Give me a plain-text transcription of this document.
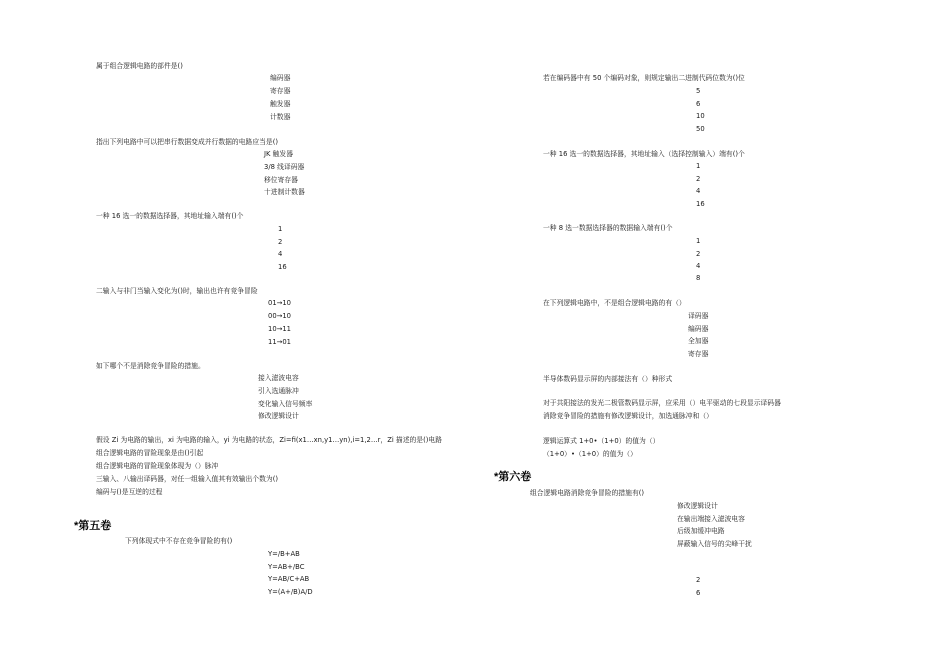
属于组合逻辑电路的部件是()
编码器
寄存器
触发器
计数器
指出下列电路中可以把串行数据变成并行数据的电路应当是()
JK 触发器
3/8 线译码器
移位寄存器
十进制计数器
一种 16 选一的数据选择器，其地址输入端有()个
1
2
4
16
二输入与非门当输入变化为()时，输出也许有竞争冒险
01→10
00→10
10→11
11→01
如下哪个不是消除竞争冒险的措施。
接入滤波电容
引入选通脉冲
变化输入信号频率
修改逻辑设计
假设 Zi 为电路的输出，xi 为电路的输入，yi 为电路的状态，Zi=fi(x1…xn,y1…yn),i=1,2…r，Zi 描述的是()电路
组合逻辑电路的冒险现象是由()引起
组合逻辑电路的冒险现象体现为（）脉冲
三输入、八输出译码器，对任一组输入值其有效输出个数为()
编码与()是互逆的过程
*第五卷
下列体现式中不存在竞争冒险的有()
Y=/B+AB
Y=AB+/BC
Y=AB/C+AB
Y=(A+/B)A/D
若在编码器中有 50 个编码对象，则规定输出二进制代码位数为()位
5
6
10
50
一种 16 选一的数据选择器，其地址输入（选择控制输入）端有()个
1
2
4
16
一种 8 选一数据选择器的数据输入端有()个
1
2
4
8
在下列逻辑电路中，不是组合逻辑电路的有（）
译码器
编码器
全加器
寄存器
半导体数码显示屏的内部接法有（）种形式
对于共阳接法的发光二极管数码显示屏，应采用（）电平驱动的七段显示译码器
消除竞争冒险的措施有修改逻辑设计，加选通脉冲和（）
逻辑运算式 1+0•（1+0）的值为（）
（1+0）•（1+0）的值为（）
*第六卷
组合逻辑电路消除竞争冒险的措施有()
修改逻辑设计
在输出端接入滤波电容
后级加缓冲电路
屏蔽输入信号的尖峰干扰
2
6
